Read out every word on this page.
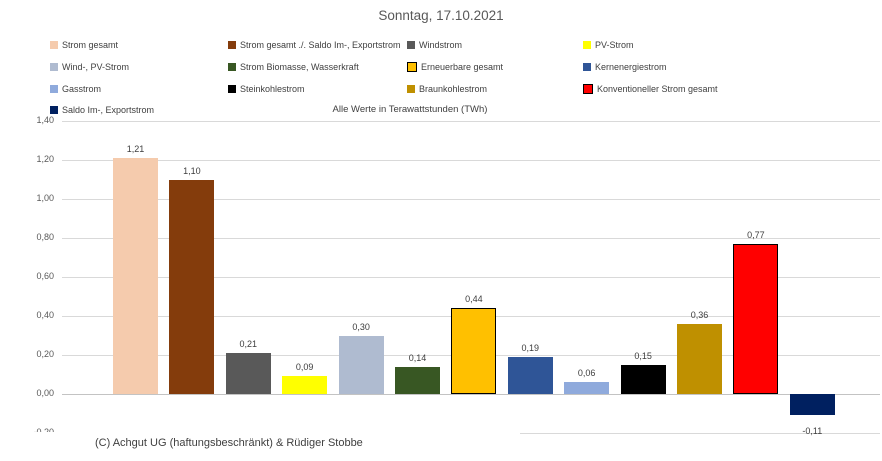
Sonntag, 17.10.2021
Strom gesamt	Strom gesamt ./. Saldo Im-, Exportstrom Windstrom	PV-Strom
Wind-, PV-Strom	Strom Biomasse, Wasserkraft	Erneuerbare gesamt	Kernenergiestrom
Gasstrom	Steinkohlestrom	Braunkohlestrom	Konventioneller Strom gesamt
Saldo Im-, Exportstrom	Alle Werte in Terawattstunden (TWh)
1,40
1,20
1,00
0,80
0,60
0,40
0,20
0,00
1,21
1,10
0,21
0,09
0,30
0,14
0,44
0,19
0,06
0,15
0,36
0,77
-0,11
(C) Achgut UG (haftungsbeschränkt) & Rüdiger Stobbe
